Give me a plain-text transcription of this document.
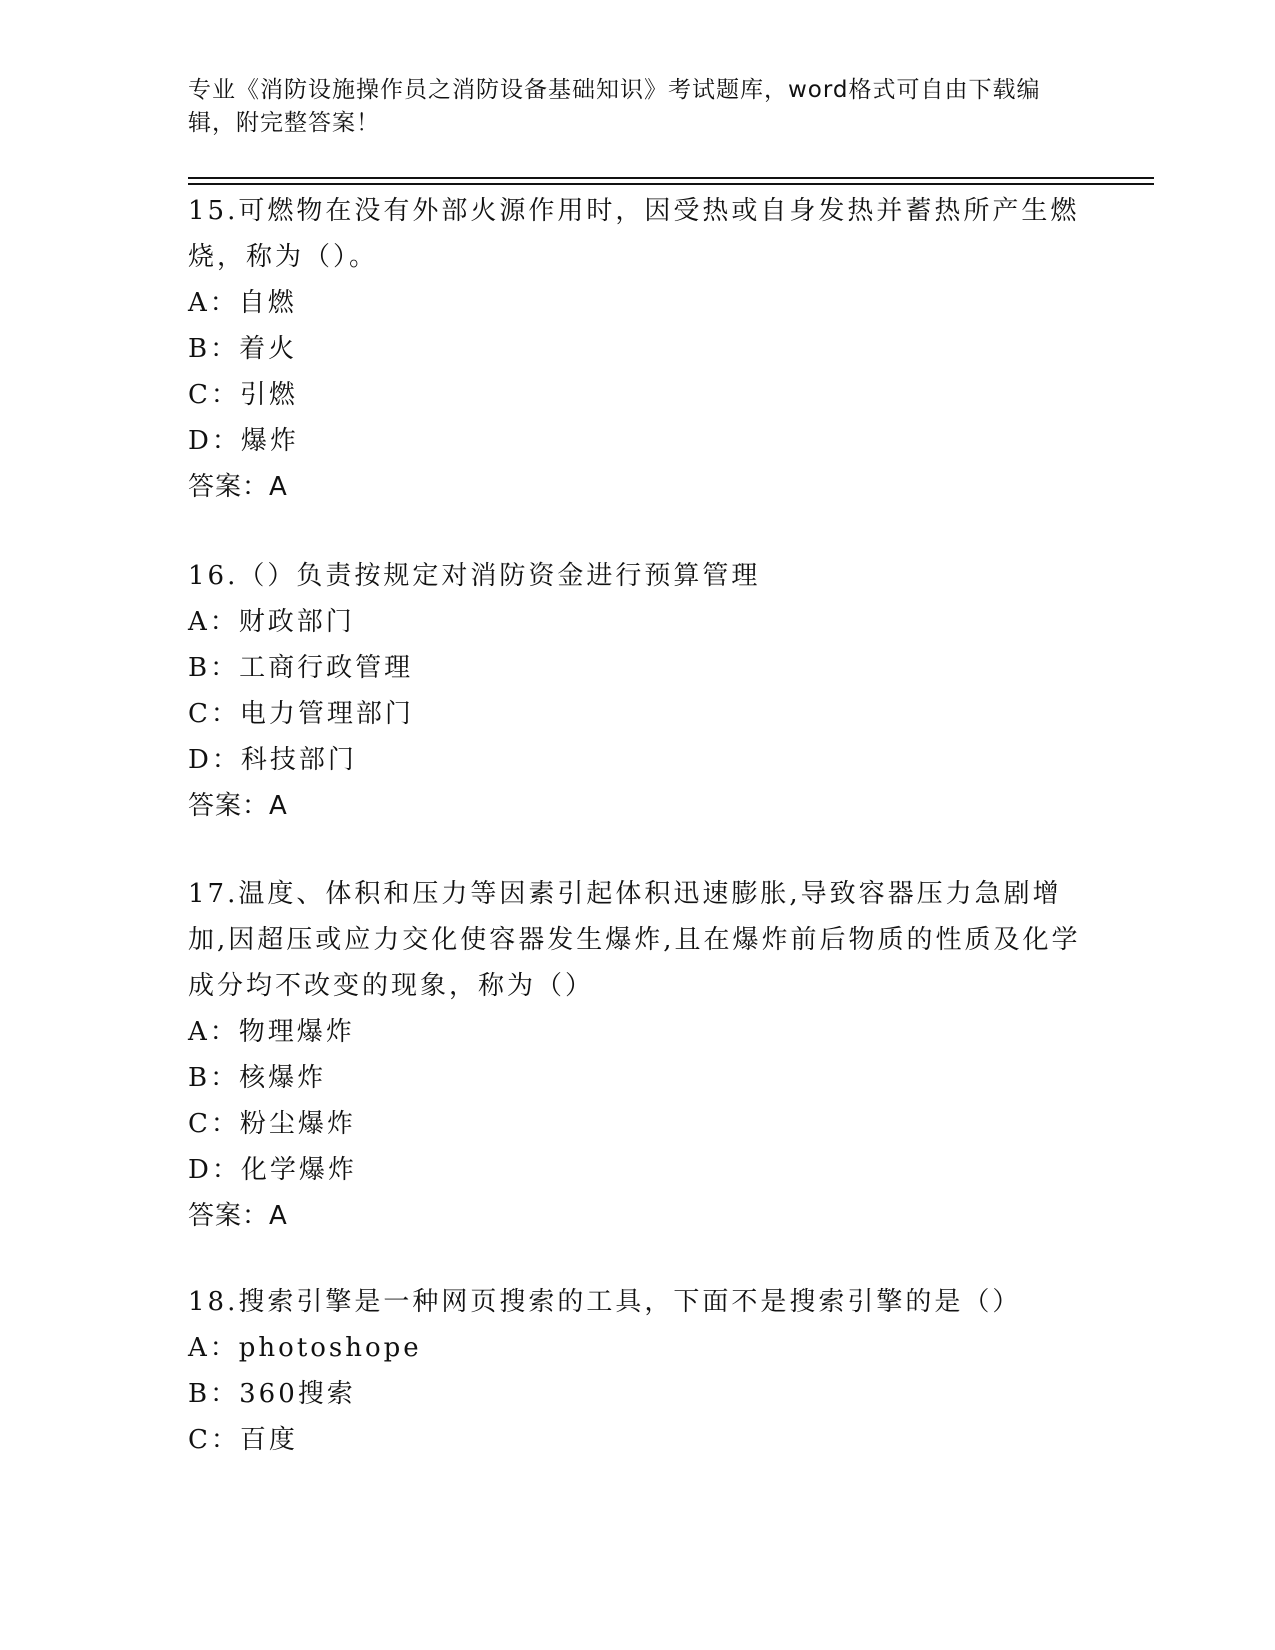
专业《消防设施操作员之消防设备基础知识》考试题库，word格式可自由下载编辑，附完整答案！
15.可燃物在没有外部火源作用时，因受热或自身发热并蓄热所产生燃烧，称为（）。
A：自燃
B：着火
C：引燃
D：爆炸
答案：A
16.（）负责按规定对消防资金进行预算管理
A：财政部门
B：工商行政管理
C：电力管理部门
D：科技部门
答案：A
17.温度、体积和压力等因素引起体积迅速膨胀,导致容器压力急剧增加,因超压或应力交化使容器发生爆炸,且在爆炸前后物质的性质及化学成分均不改变的现象，称为（）
A：物理爆炸
B：核爆炸
C：粉尘爆炸
D：化学爆炸
答案：A
18.搜索引擎是一种网页搜索的工具，下面不是搜索引擎的是（）
A：photoshope
B：360搜索
C：百度
